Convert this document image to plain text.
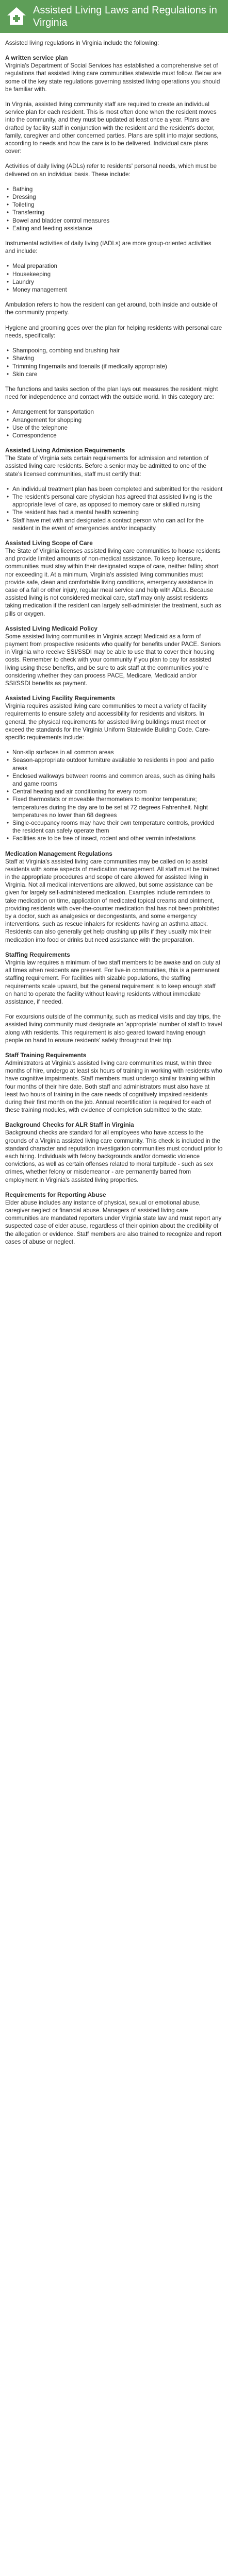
Assisted Living Laws and Regulations in Virginia

Assisted living regulations in Virginia include the following:

A written service plan

Virginia's Department of Social Services has established a comprehensive set of regulations that assisted living care communities statewide must follow. Below are some of the key state regulations governing assisted living operations you should be familiar with.

In Virginia, assisted living community staff are required to create an individual service plan for each resident. This is most often done when the resident moves into the community, and they must be updated at least once a year. Plans are drafted by facility staff in conjunction with the resident and the resident's doctor, family, caregiver and other concerned parties. Plans are split into major sections, according to needs and how the care is to be delivered. Individual care plans cover:

Activities of daily living (ADLs) refer to residents' personal needs, which must be delivered on an individual basis. These include:

• Bathing
• Dressing
• Toileting
• Transferring
• Bowel and bladder control measures
• Eating and feeding assistance

Instrumental activities of daily living (IADLs) are more group-oriented activities and include:

• Meal preparation
• Housekeeping
• Laundry
• Money management

Ambulation refers to how the resident can get around, both inside and outside of the community property.

Hygiene and grooming goes over the plan for helping residents with personal care needs, specifically:

• Shampooing, combing and brushing hair
• Shaving
• Trimming fingernails and toenails (if medically appropriate)
• Skin care

The functions and tasks section of the plan lays out measures the resident might need for independence and contact with the outside world. In this category are:

• Arrangement for transportation
• Arrangement for shopping
• Use of the telephone
• Correspondence
Assisted Living Admission Requirements

The State of Virginia sets certain requirements for admission and retention of assisted living care residents. Before a senior may be admitted to one of the state's licensed communities, staff must certify that:

• An individual treatment plan has been completed and submitted for the resident
• The resident's personal care physician has agreed that assisted living is the appropriate level of care, as opposed to memory care or skilled nursing
• The resident has had a mental health screening
• Staff have met with and designated a contact person who can act for the resident in the event of emergencies and/or incapacity
Assisted Living Scope of Care

The State of Virginia licenses assisted living care communities to house residents and provide limited amounts of non-medical assistance. To keep licensure, communities must stay within their designated scope of care, neither falling short nor exceeding it. At a minimum, Virginia's assisted living communities must provide safe, clean and comfortable living conditions, emergency assistance in case of a fall or other injury, regular meal service and help with ADLs. Because assisted living is not considered medical care, staff may only assist residents taking medication if the resident can largely self-administer the treatment, such as pills or oxygen.

Assisted Living Medicaid Policy

Some assisted living communities in Virginia accept Medicaid as a form of payment from prospective residents who qualify for benefits under PACE. Seniors in Virginia who receive SSI/SSDI may be able to use that to cover their housing costs. Remember to check with your community if you plan to pay for assisted living using these benefits, and be sure to ask staff at the communities you're considering whether they can process PACE, Medicare, Medicaid and/or SSI/SSDI benefits as payment.

Assisted Living Facility Requirements

Virginia requires assisted living care communities to meet a variety of facility requirements to ensure safety and accessibility for residents and visitors. In general, the physical requirements for assisted living buildings must meet or exceed the standards for the Virginia Uniform Statewide Building Code. Care-specific requirements include:

• Non-slip surfaces in all common areas
• Season-appropriate outdoor furniture available to residents in pool and patio areas
• Enclosed walkways between rooms and common areas, such as dining halls and game rooms
• Central heating and air conditioning for every room
• Fixed thermostats or moveable thermometers to monitor temperature; temperatures during the day are to be set at 72 degrees Fahrenheit. Night temperatures no lower than 68 degrees
• Single-occupancy rooms may have their own temperature controls, provided the resident can safely operate them
• Facilities are to be free of insect, rodent and other vermin infestations
Medication Management Regulations

Staff at Virginia's assisted living care communities may be called on to assist residents with some aspects of medication management. All staff must be trained in the appropriate procedures and scope of care allowed for assisted living in Virginia. Not all medical interventions are allowed, but some assistance can be given for largely self-administered medication. Examples include reminders to take medication on time, application of medicated topical creams and ointment, providing residents with over-the-counter medication that has not been prohibited by a doctor, such as analgesics or decongestants, and some emergency interventions, such as rescue inhalers for residents having an asthma attack. Residents can also generally get help crushing up pills if they usually mix their medication into food or drinks but need assistance with the preparation.

Staffing Requirements

Virginia law requires a minimum of two staff members to be awake and on duty at all times when residents are present. For live-in communities, this is a permanent staffing requirement. For facilities with sizable populations, the staffing requirements scale upward, but the general requirement is to keep enough staff on hand to operate the facility without leaving residents without immediate assistance, if needed.

For excursions outside of the community, such as medical visits and day trips, the assisted living community must designate an 'appropriate' number of staff to travel along with residents. This requirement is also geared toward having enough people on hand to ensure residents' safety throughout their trip.

Staff Training Requirements

Administrators at Virginia's assisted living care communities must, within three months of hire, undergo at least six hours of training in working with residents who have cognitive impairments. Staff members must undergo similar training within four months of their hire date. Both staff and administrators must also have at least two hours of training in the care needs of cognitively impaired residents during their first month on the job. Annual recertification is required for each of these training modules, with evidence of completion submitted to the state.

Background Checks for ALR Staff in Virginia

Background checks are standard for all employees who have access to the grounds of a Virginia assisted living care community. This check is included in the standard character and reputation investigation communities must conduct prior to each hiring. Individuals with felony backgrounds and/or domestic violence convictions, as well as certain offenses related to moral turpitude - such as sex crimes, whether felony or misdemeanor - are permanently barred from employment in Virginia's assisted living properties.

Requirements for Reporting Abuse

Elder abuse includes any instance of physical, sexual or emotional abuse, caregiver neglect or financial abuse. Managers of assisted living care communities are mandated reporters under Virginia state law and must report any suspected case of elder abuse, regardless of their opinion about the credibility of the allegation or evidence. Staff members are also trained to recognize and report cases of abuse or neglect.
